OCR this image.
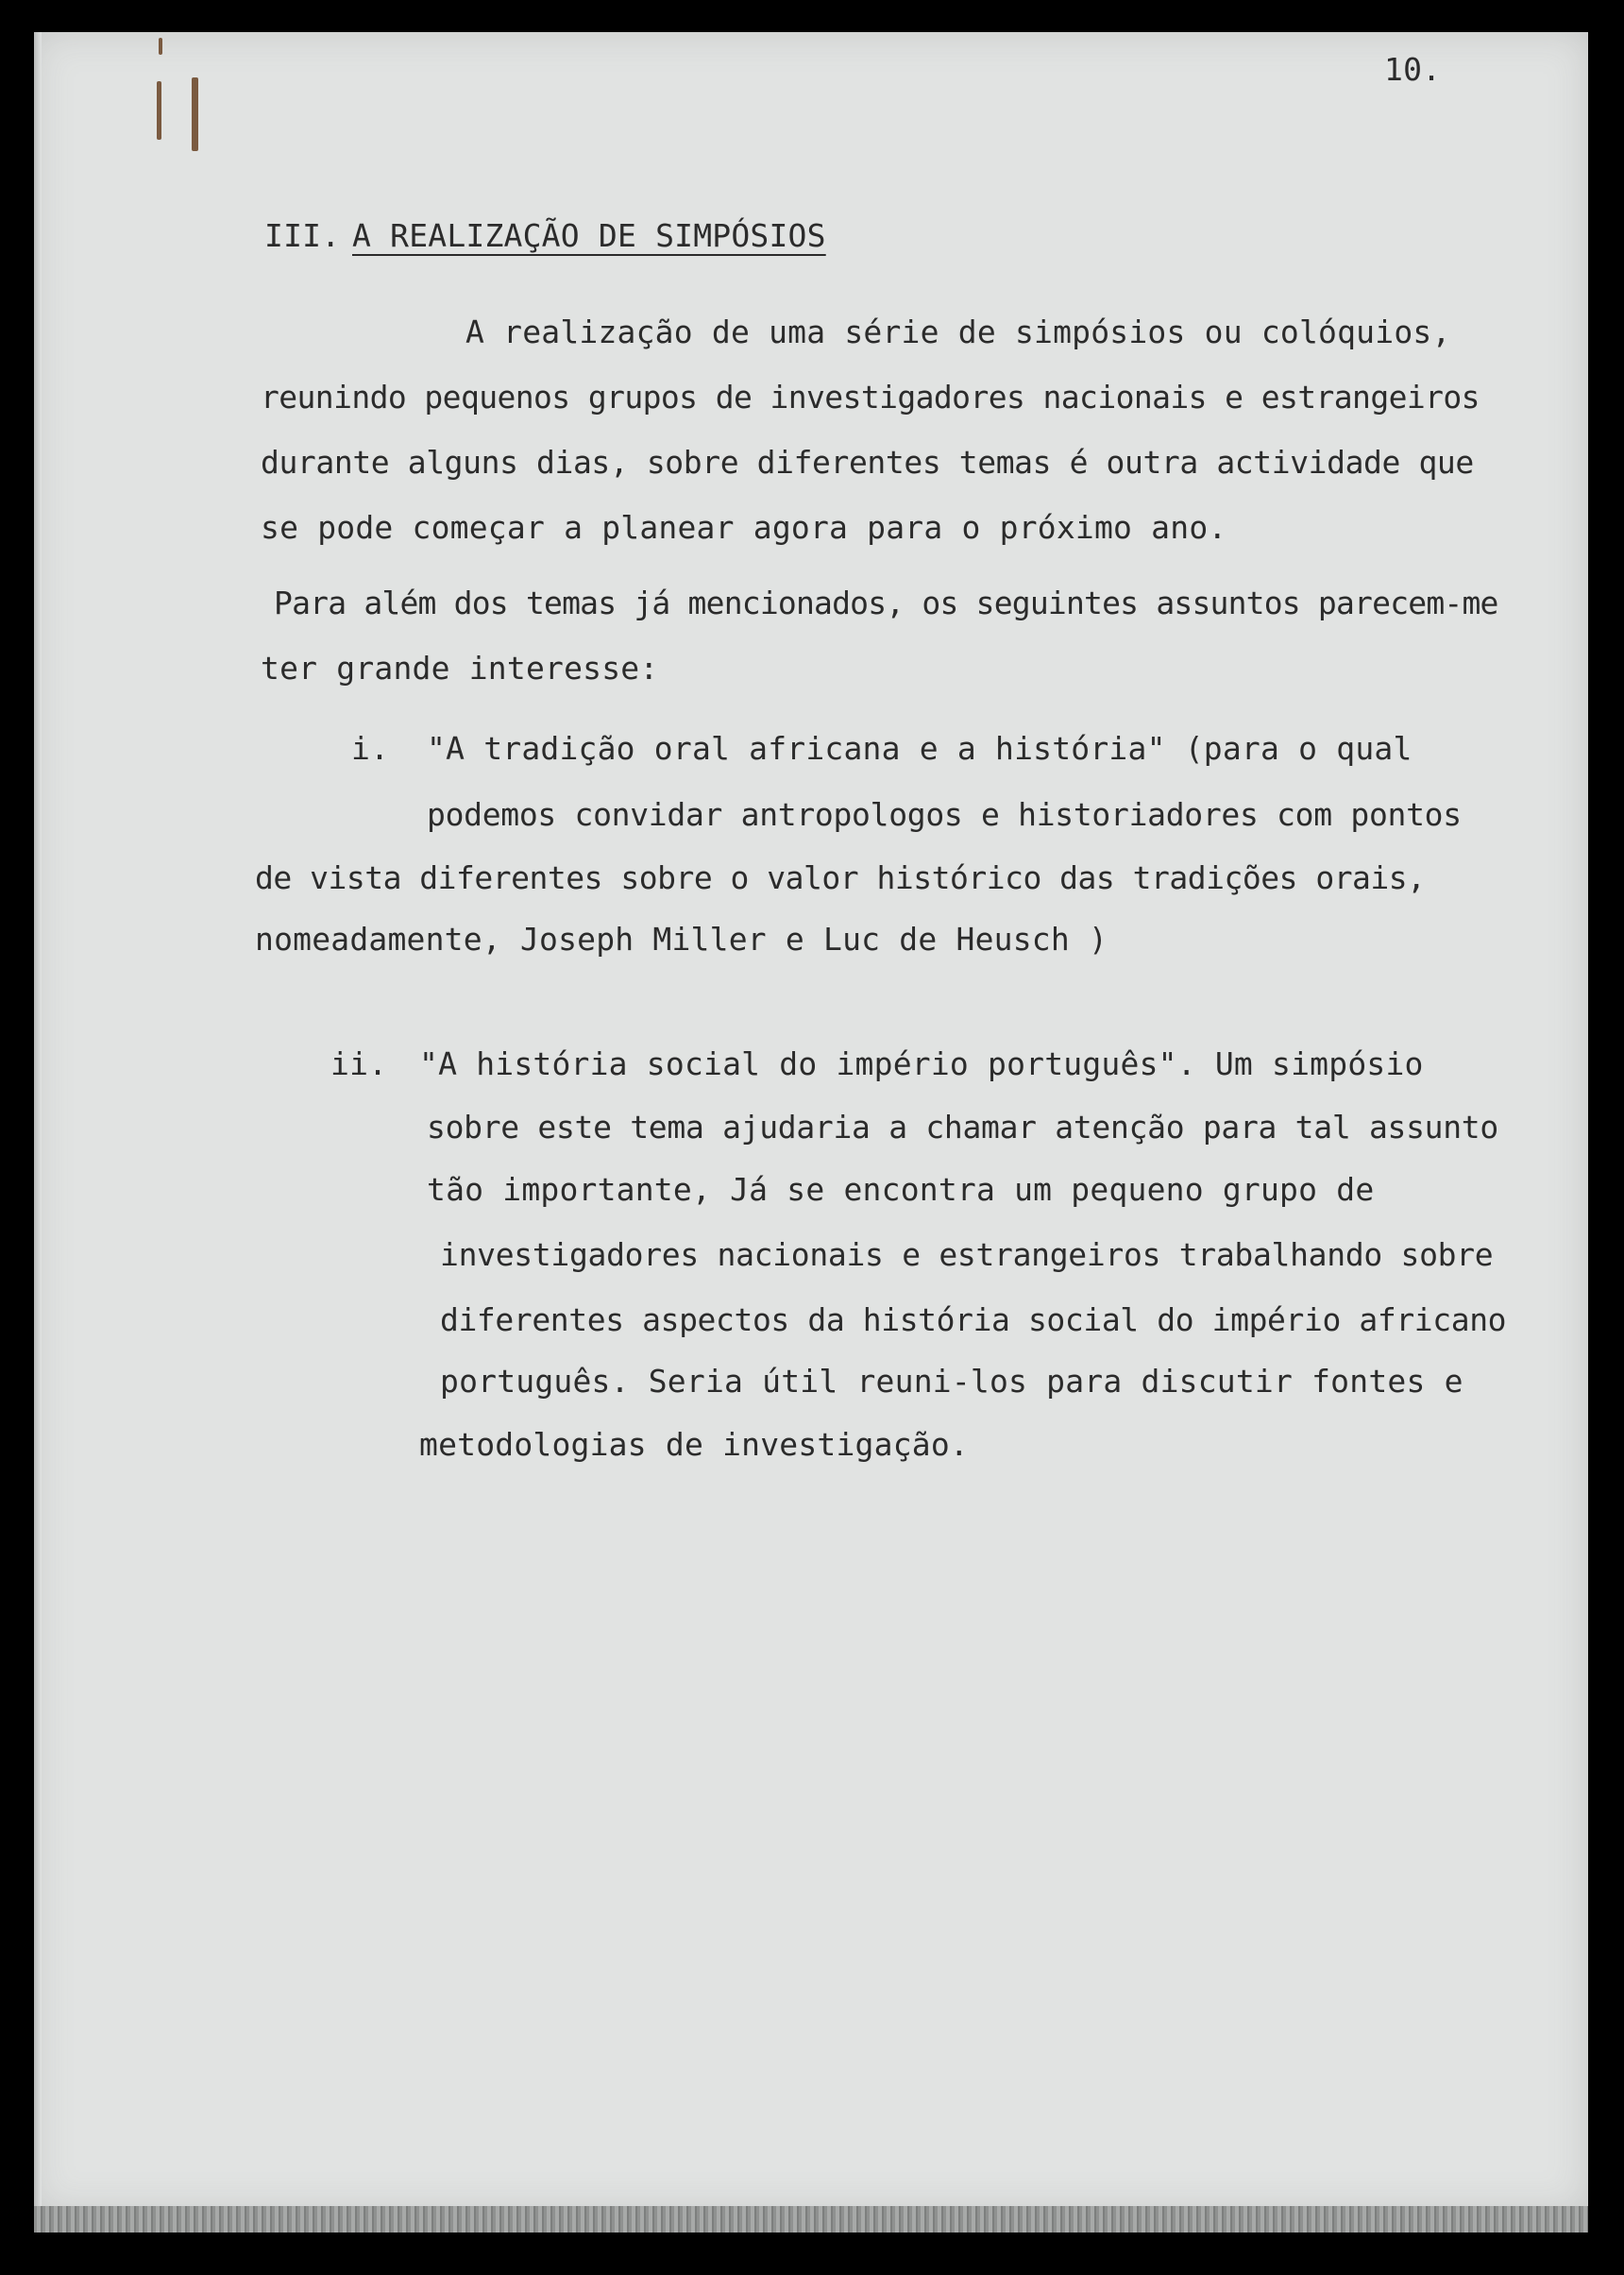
10.
III. A REALIZAÇÃO DE SIMPÓSIOS
A realização de uma série de simpósios ou colóquios,
reunindo pequenos grupos de investigadores nacionais e estrangeiros
durante alguns dias, sobre diferentes temas é outra actividade que
se pode começar a planear agora para o próximo ano.
Para além dos temas já mencionados, os seguintes assuntos parecem-me
ter grande interesse:
i. "A tradição oral africana e a história" (para o qual
podemos convidar antropologos e historiadores com pontos
de vista diferentes sobre o valor histórico das tradições orais,
nomeadamente, Joseph Miller e Luc de Heusch )
ii. "A história social do império português". Um simpósio
sobre este tema ajudaria a chamar atenção para tal assunto
tão importante, Já se encontra um pequeno grupo de
investigadores nacionais e estrangeiros trabalhando sobre
diferentes aspectos da história social do império africano
português. Seria útil reuni-los para discutir fontes e
metodologias de investigação.
